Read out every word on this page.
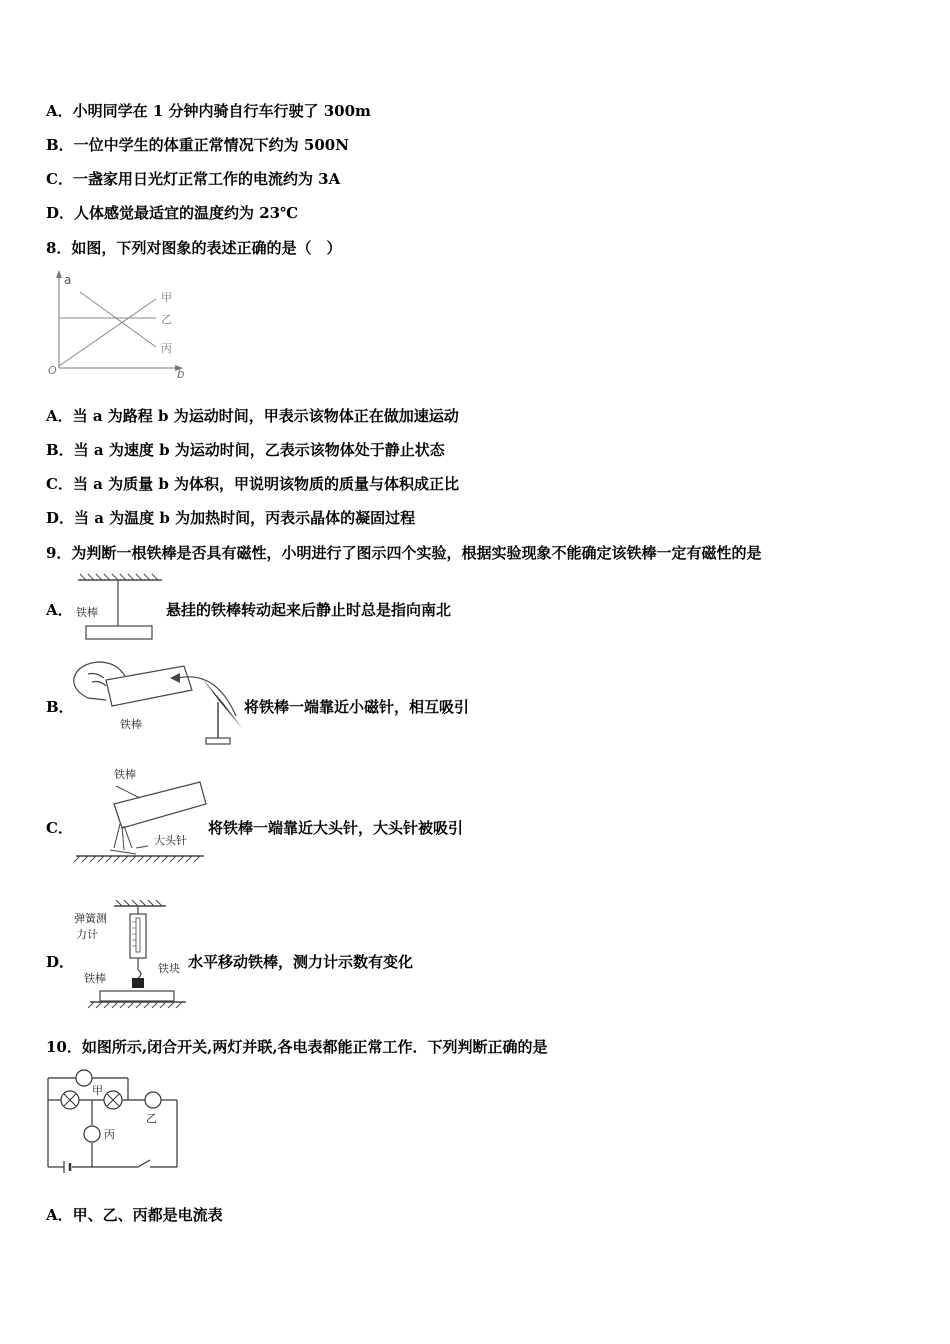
A．小明同学在 1 分钟内骑自行车行驶了 300m
B．一位中学生的体重正常情况下约为 500N
C．一盏家用日光灯正常工作的电流约为 3A
D．人体感觉最适宜的温度约为 23℃
8．如图，下列对图象的表述正确的是（　）
a
b
O
甲
乙
丙
A．当 a 为路程 b 为运动时间，甲表示该物体正在做加速运动
B．当 a 为速度 b 为运动时间，乙表示该物体处于静止状态
C．当 a 为质量 b 为体积，甲说明该物质的质量与体积成正比
D．当 a 为温度 b 为加热时间，丙表示晶体的凝固过程
9．为判断一根铁棒是否具有磁性，小明进行了图示四个实验，根据实验现象不能确定该铁棒一定有磁性的是
A． 铁棒	悬挂的铁棒转动起来后静止时总是指向南北
B．
铁棒
将铁棒一端靠近小磁针，相互吸引
C．
铁棒
大头针
将铁棒一端靠近大头针，大头针被吸引
D．
弹簧测
力计
铁块
铁棒
水平移动铁棒，测力计示数有变化
10．如图所示,闭合开关,两灯并联,各电表都能正常工作．下列判断正确的是
甲
乙
丙
A．甲、乙、丙都是电流表
